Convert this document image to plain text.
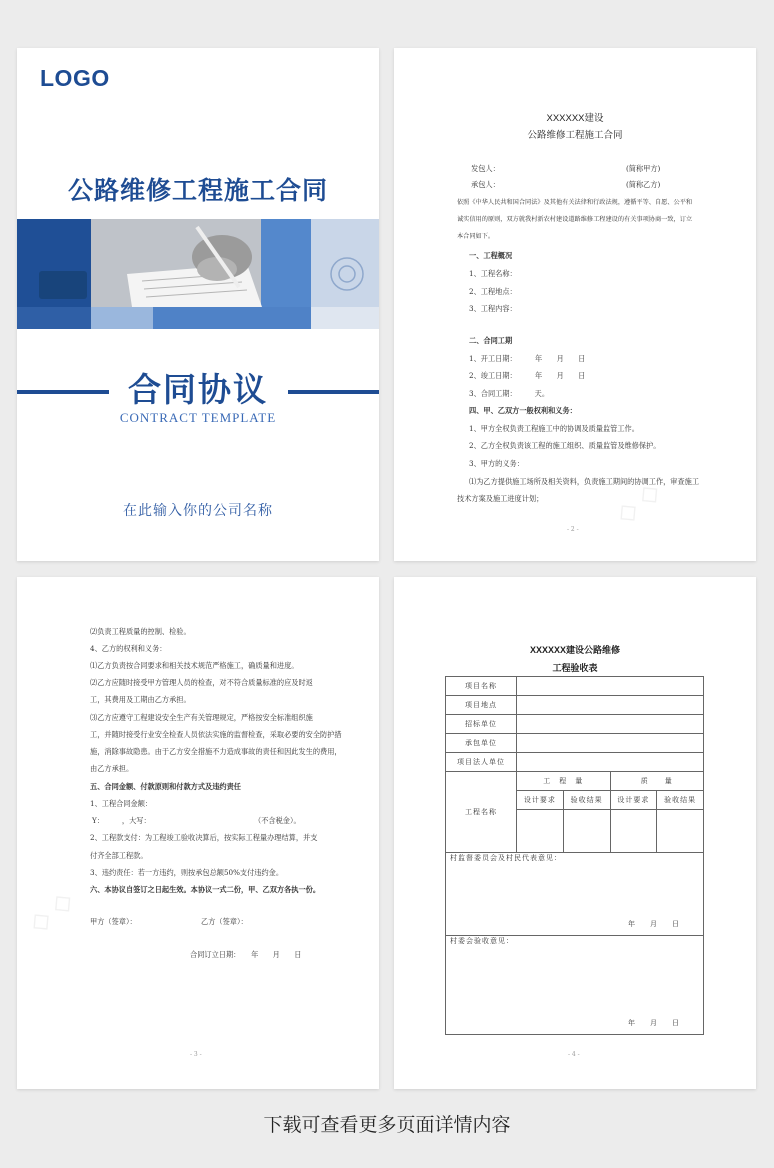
LOGO
公路维修工程施工合同
合同协议
CONTRACT TEMPLATE
在此输入你的公司名称
XXXXXX建设
公路维修工程施工合同
发包人：	(简称甲方)
承包人：	(简称乙方)
依照《中华人民共和国合同法》及其他有关法律和行政法规，遵循平等、自愿、公平和
诚实信用的原则，双方就我村新农村建设道路维修工程建设的有关事项协商一致，订立
本合同如下。
一、工程概况
1、工程名称：
2、工程地点：
3、工程内容：
二、合同工期
1、开工日期：	年　　月　　日
2、竣工日期：	年　　月　　日
3、合同工期：　　　天。
四、甲、乙双方一般权利和义务：
1、甲方全权负责工程施工中的协调及质量监管工作。
2、乙方全权负责该工程的施工组织、质量监管及维修保护。
3、甲方的义务：
⑴为乙方提供施工场所及相关资料，负责施工期间的协调工作，审查施工
技术方案及施工进度计划；
- 2 - ◇ ◇
⑵负责工程质量的控制、检验。
4、乙方的权利和义务：
⑴乙方负责按合同要求和相关技术规范严格施工，确质量和进度。
⑵乙方应随时接受甲方管理人员的检查，对不符合质量标准的应及时返
工，其费用及工期由乙方承担。
⑶乙方应遵守工程建设安全生产有关管理规定，严格按安全标准组织施
工，并随时接受行业安全检查人员依法实施的监督检查，采取必要的安全防护措
施，消除事故隐患。由于乙方安全措施不力造成事故的责任和因此发生的费用，
由乙方承担。
五、合同金额、付款原则和付款方式及违约责任
1、工程合同金额：
Y：　　　，大写：	（不含税金）。
2、工程款支付：为工程竣工验收决算后，按实际工程量办理结算，并支
付齐全部工程款。
3、违约责任：若一方违约，则按承包总额50%支付违约金。
六、本协议自签订之日起生效。本协议一式二份，甲、乙双方各执一份。
甲方（签章）：	乙方（签章）：
合同订立日期：　　年　　月　　日
- 3 -
◇ ◇
XXXXXX建设公路维修
工程验收表
项目名称				
项目地点				
招标单位				
承包单位				
项目法人单位				
工程名称	工　程　量		质　　量	
	设计要求	验收结果	设计要求	验收结果

村监督委员会及村民代表意见：
年　月　日				

村委会验收意见：
年　月　日				
- 4 -
下载可查看更多页面详情内容
